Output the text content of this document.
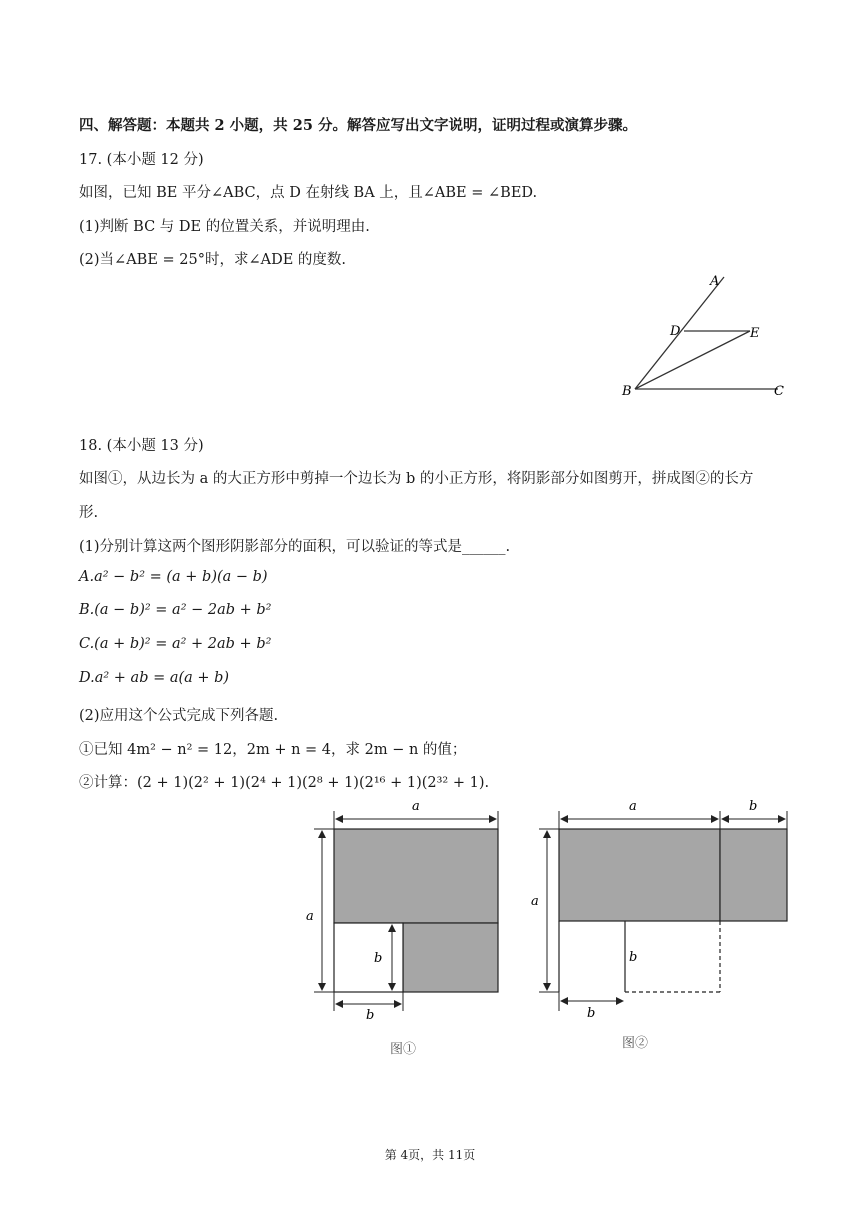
四、解答题：本题共 2 小题，共 25 分。解答应写出文字说明，证明过程或演算步骤。
17. (本小题 12 分)
如图，已知 BE 平分∠ABC，点 D 在射线 BA 上，且∠ABE = ∠BED.
(1)判断 BC 与 DE 的位置关系，并说明理由.
(2)当∠ABE = 25°时，求∠ADE 的度数.
A
D	E
B	C
18. (本小题 13 分)
如图①，从边长为 a 的大正方形中剪掉一个边长为 b 的小正方形，将阴影部分如图剪开，拼成图②的长方
形.
(1)分别计算这两个图形阴影部分的面积，可以验证的等式是______.
A.a² − b² = (a + b)(a − b)
B.(a − b)² = a² − 2ab + b²
C.(a + b)² = a² + 2ab + b²
D.a² + ab = a(a + b)
(2)应用这个公式完成下列各题.
①已知 4m² − n² = 12，2m + n = 4，求 2m − n 的值；
②计算：(2 + 1)(2² + 1)(2⁴ + 1)(2⁸ + 1)(2¹⁶ + 1)(2³² + 1).
a
a
b
b
图①
a	b
a
b
b
图②
第 4页，共 11页
